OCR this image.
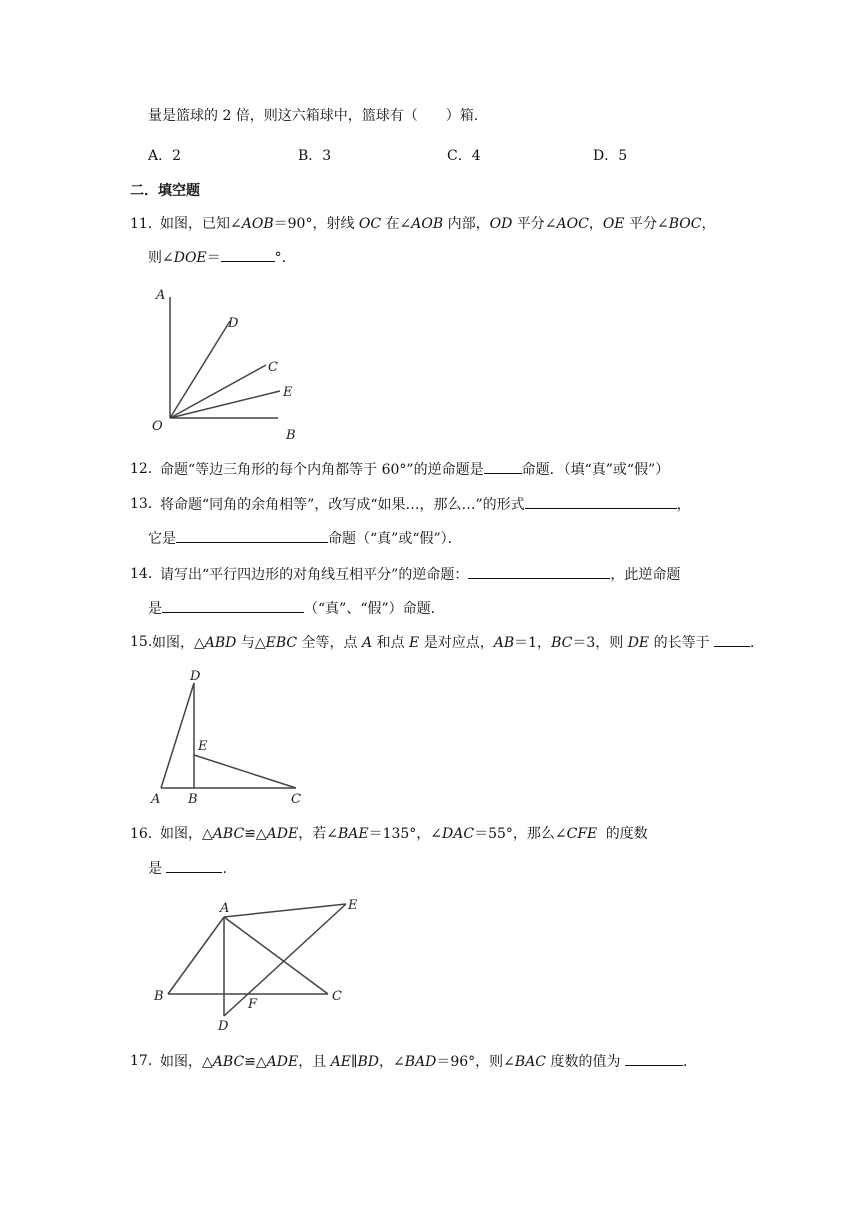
量是篮球的 2 倍，则这六箱球中，篮球有（　　）箱.
A．2	B．3	C．4	D．5
二．填空题
11．
如图，已知∠AOB＝90°，射线 OC 在∠AOB 内部，OD 平分∠AOC，OE 平分∠BOC，
则∠DOE＝	°．
A
D
C
E
O
B
12．
命题“等边三角形的每个内角都等于 60°”的逆命题是	命题．（填“真”或“假”）
13．
将命题“同角的余角相等”，改写成“如果…，那么…”的形式	，
它是	命题（“真”或“假”）．
14．
请写出“平行四边形的对角线互相平分”的逆命题：	，此逆命题
是	（“真”、“假”）命题.
15. 如图，△ABD 与△EBC 全等，点 A 和点 E 是对应点，AB＝1，BC＝3，则 DE 的长等于	．
D
E
A B	C
16．
如图，△ABC≌△ADE，若∠BAE＝135°，∠DAC＝55°，那么∠CFE 的度数
是	．
A	E
B	C
F
D
17．
如图，△ABC≌△ADE，且 AE∥BD，∠BAD＝96°，则∠BAC 度数的值为	．
